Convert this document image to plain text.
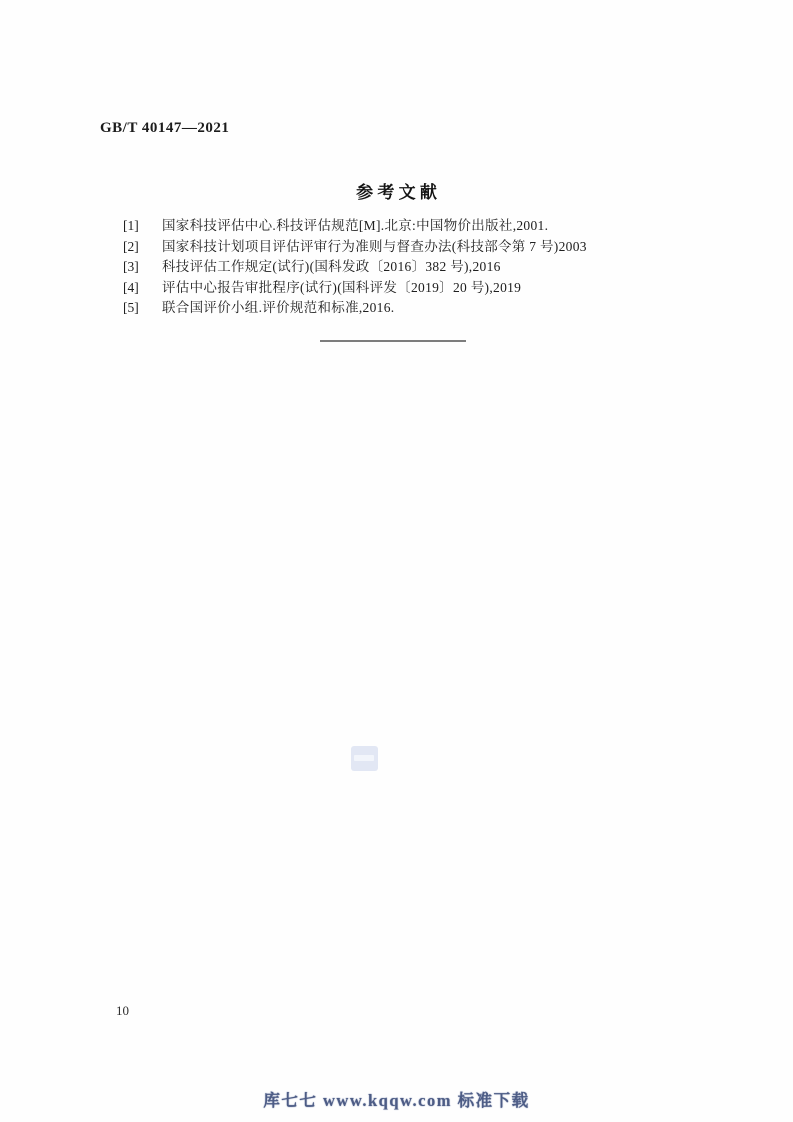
GB/T 40147—2021
参 考 文 献
[1]	国家科技评估中心.科技评估规范[M].北京:中国物价出版社,2001.
[2]	国家科技计划项目评估评审行为准则与督查办法(科技部令第 7 号)2003
[3]	科技评估工作规定(试行)(国科发政〔2016〕382 号),2016
[4]	评估中心报告审批程序(试行)(国科评发〔2019〕20 号),2019
[5]	联合国评价小组.评价规范和标准,2016.
10
库七七 www.kqqw.com 标准下载
